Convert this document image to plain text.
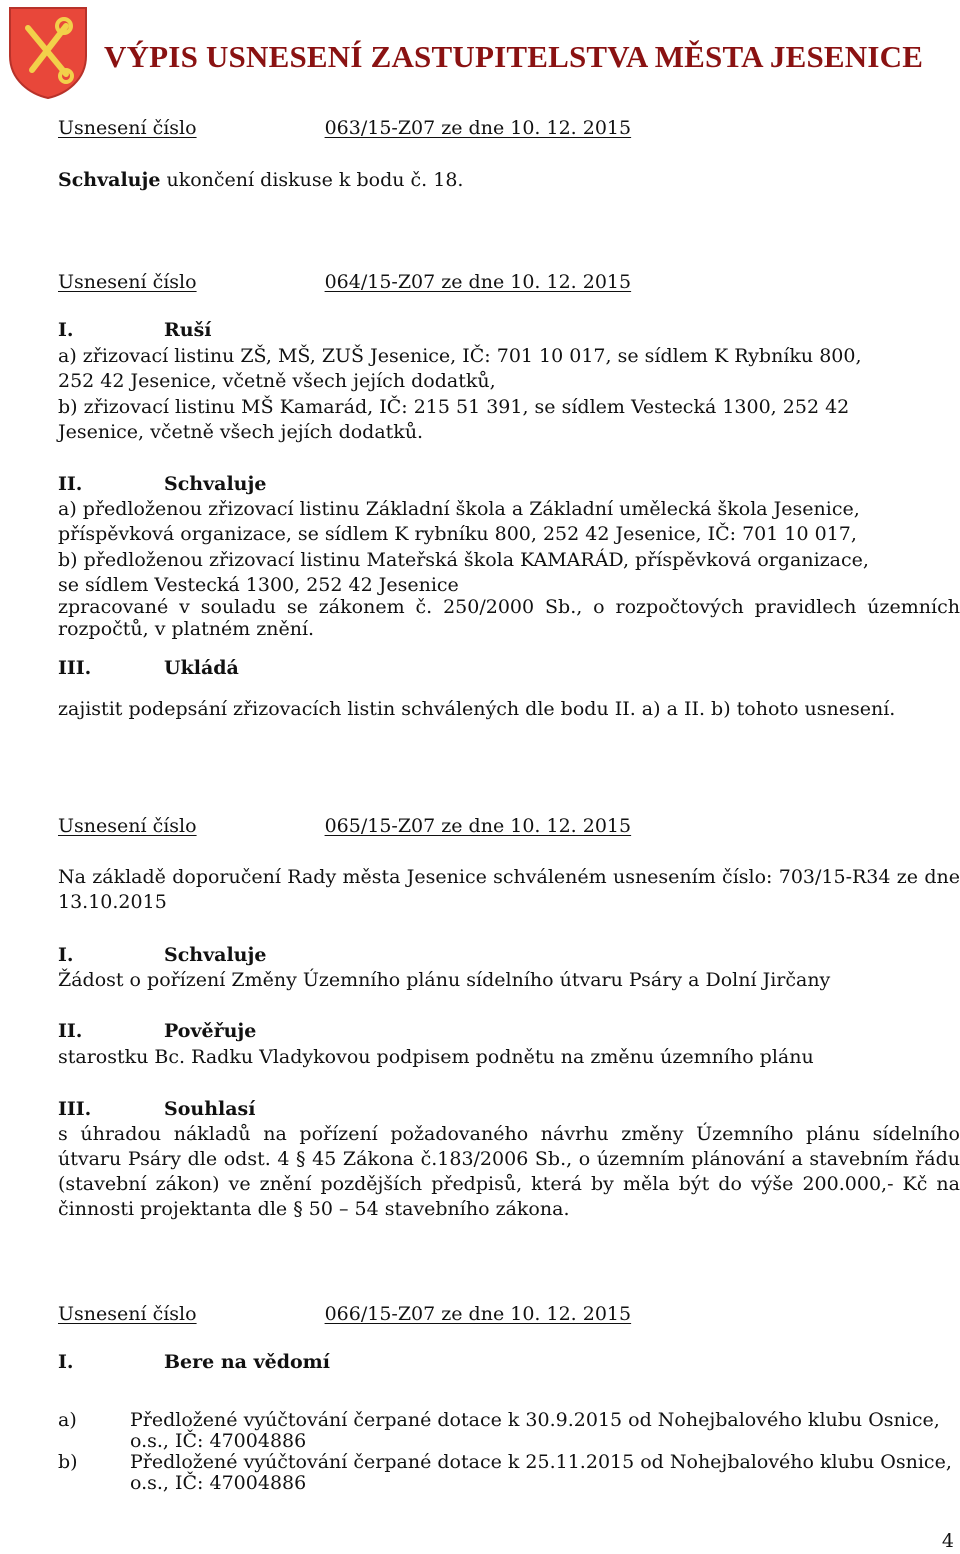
VÝPIS USNESENÍ ZASTUPITELSTVA MĚSTA JESENICE
Usnesení číslo	063/15-Z07 ze dne 10. 12. 2015
Schvaluje ukončení diskuse k bodu č. 18.
Usnesení číslo	064/15-Z07 ze dne 10. 12. 2015
I.	Ruší
a) zřizovací listinu ZŠ, MŠ, ZUŠ Jesenice, IČ: 701 10 017, se sídlem K Rybníku 800,
252 42 Jesenice, včetně všech jejích dodatků,
b) zřizovací listinu MŠ Kamarád, IČ: 215 51 391, se sídlem Vestecká 1300, 252 42
Jesenice, včetně všech jejích dodatků.
II.	Schvaluje
a) předloženou zřizovací listinu Základní škola a Základní umělecká škola Jesenice,
příspěvková organizace, se sídlem K rybníku 800, 252 42 Jesenice, IČ: 701 10 017,
b) předloženou zřizovací listinu Mateřská škola KAMARÁD, příspěvková organizace,
se sídlem Vestecká 1300, 252 42 Jesenice
zpracované v souladu se zákonem č. 250/2000 Sb., o rozpočtových pravidlech územních rozpočtů, v platném znění.
III.	Ukládá
zajistit podepsání zřizovacích listin schválených dle bodu II. a) a II. b) tohoto usnesení.
Usnesení číslo	065/15-Z07 ze dne 10. 12. 2015
Na základě doporučení Rady města Jesenice schváleném usnesením číslo: 703/15-R34 ze dne 13.10.2015
I.	Schvaluje
Žádost o pořízení Změny Územního plánu sídelního útvaru Psáry a Dolní Jirčany
II.	Pověřuje
starostku Bc. Radku Vladykovou podpisem podnětu na změnu územního plánu
III.	Souhlasí
s úhradou nákladů na pořízení požadovaného návrhu změny Územního plánu sídelního útvaru Psáry dle odst. 4 § 45 Zákona č.183/2006 Sb., o územním plánování a stavebním řádu (stavební zákon) ve znění pozdějších předpisů, která by měla být do výše 200.000,- Kč na činnosti projektanta dle § 50 – 54 stavebního zákona.
Usnesení číslo	066/15-Z07 ze dne 10. 12. 2015
I.	Bere na vědomí
a)	Předložené vyúčtování čerpané dotace k 30.9.2015 od Nohejbalového klubu Osnice, o.s., IČ: 47004886
b)	Předložené vyúčtování čerpané dotace k 25.11.2015 od Nohejbalového klubu Osnice, o.s., IČ: 47004886
4
